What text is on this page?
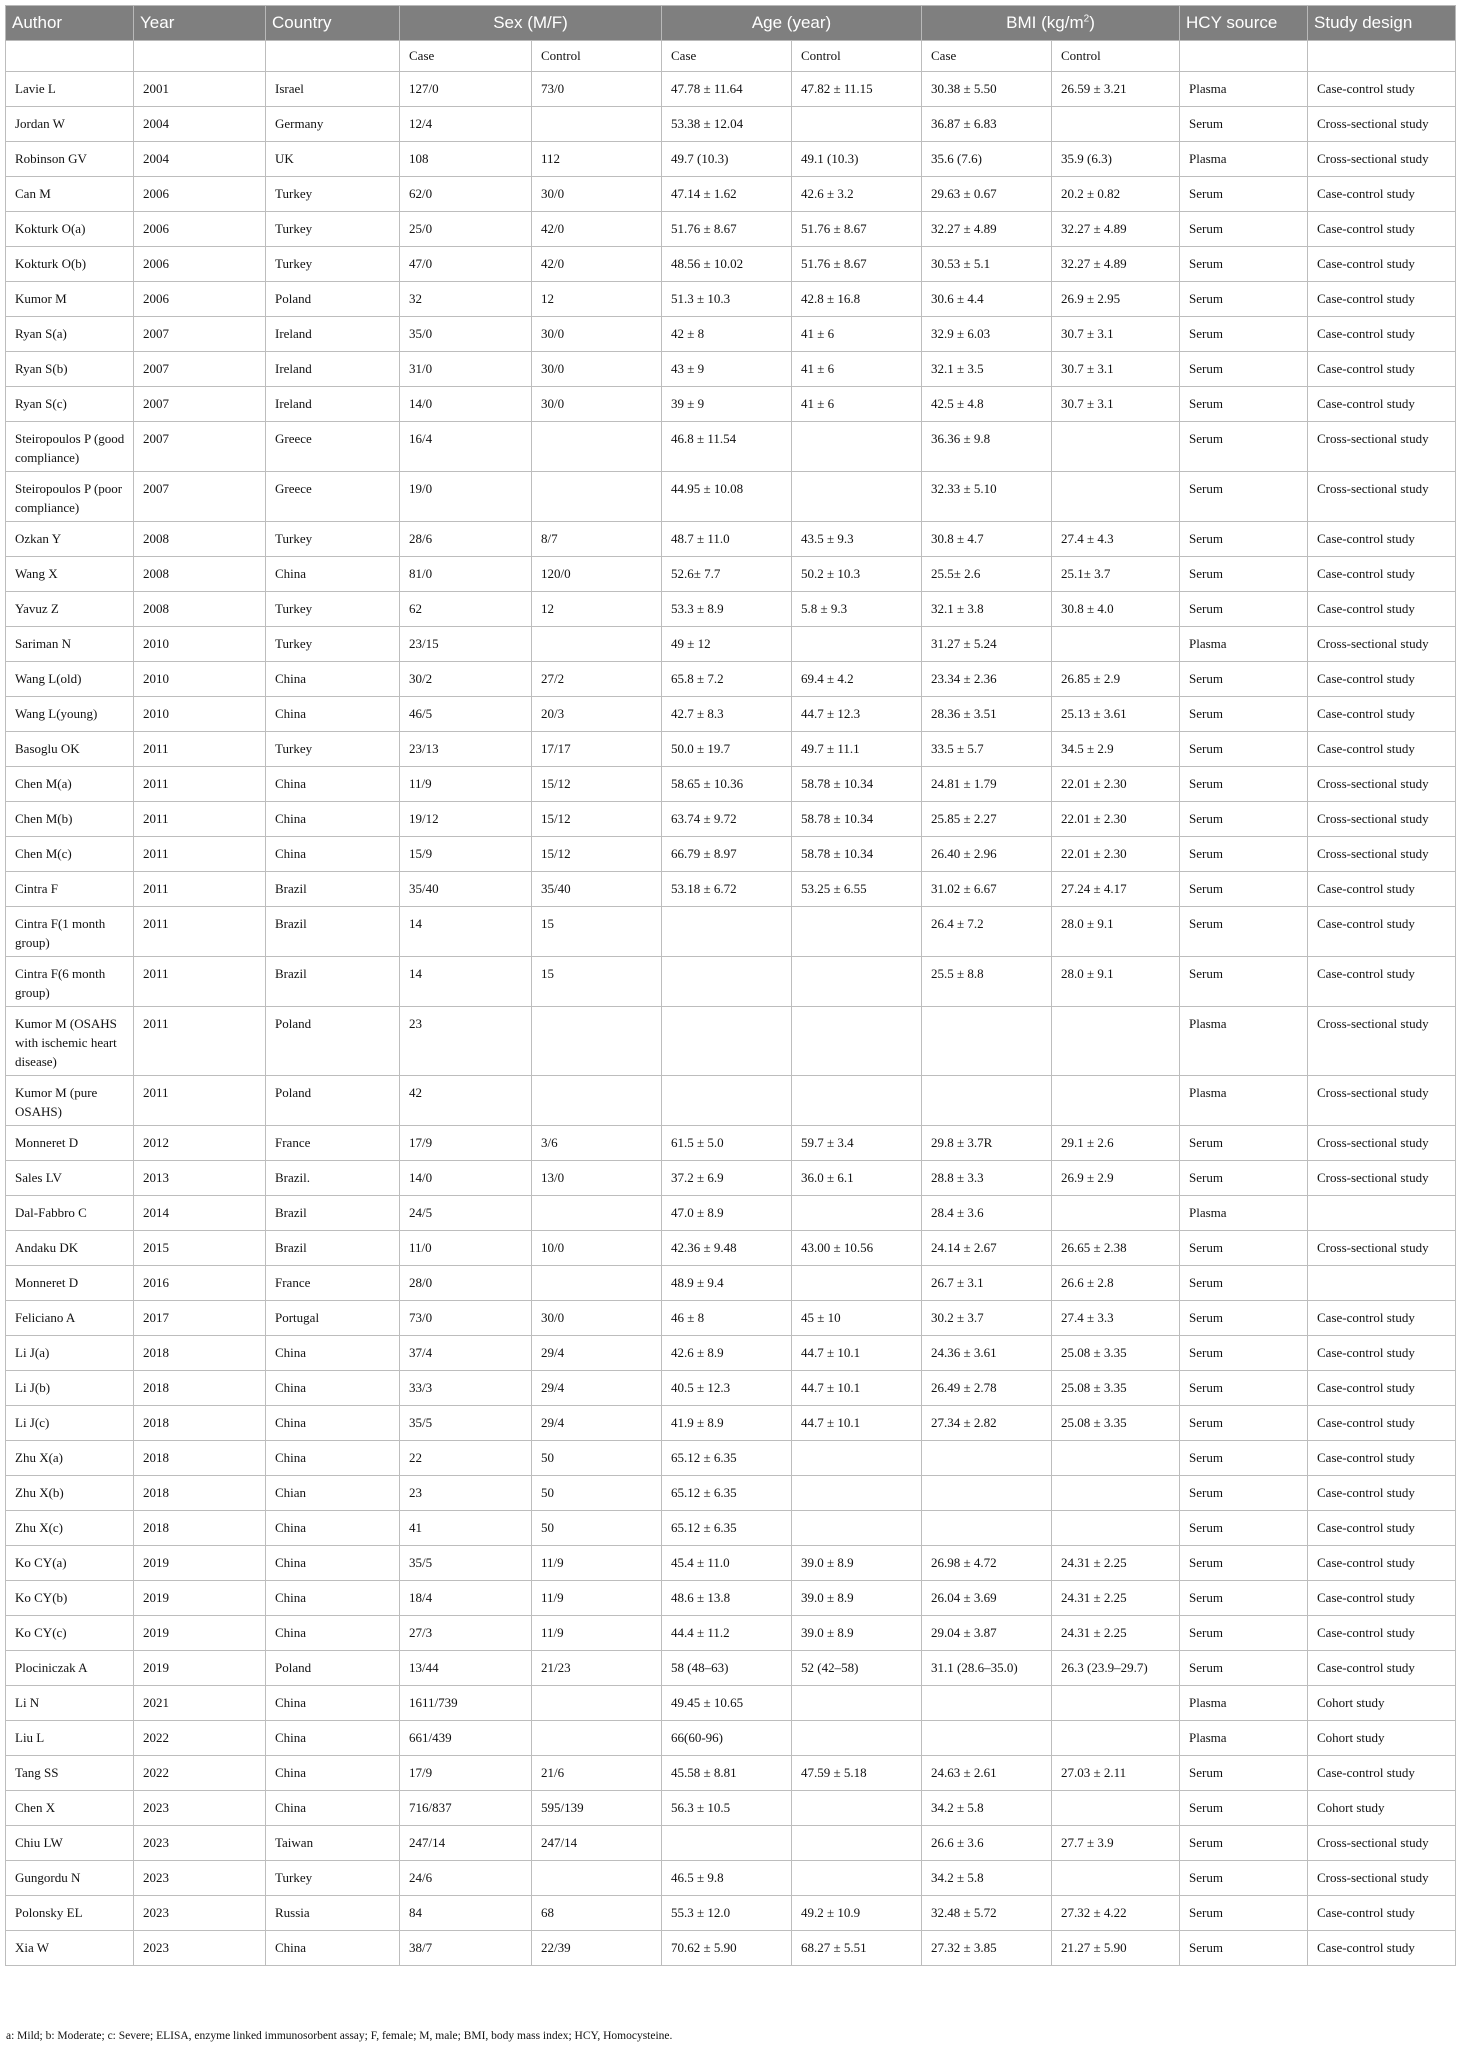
Author	Year	Country	Sex (M/F)		Age (year)		BMI $(kg/m^2)$		HCY source	Study design
			Case	Control	Case	Control	Case	Control		
Lavie L	2001	Israel	127/0	73/0	47.78 ± 11.64	47.82 ± 11.15	30.38 ± 5.50	26.59 ± 3.21	Plasma	Case-control study
Jordan W	2004	Germany	12/4		53.38 ± 12.04		36.87 ± 6.83		Serum	Cross-sectional study
Robinson GV	2004	UK	108	112	49.7 (10.3)	49.1 (10.3)	35.6 (7.6)	35.9 (6.3)	Plasma	Cross-sectional study
Can M	2006	Turkey	62/0	30/0	47.14 ± 1.62	42.6 ± 3.2	29.63 ± 0.67	20.2 ± 0.82	Serum	Case-control study
Kokturk O(a)	2006	Turkey	25/0	42/0	51.76 ± 8.67	51.76 ± 8.67	32.27 ± 4.89	32.27 ± 4.89	Serum	Case-control study
Kokturk O(b)	2006	Turkey	47/0	42/0	48.56 ± 10.02	51.76 ± 8.67	30.53 ± 5.1	32.27 ± 4.89	Serum	Case-control study
Kumor M	2006	Poland	32	12	51.3 ± 10.3	42.8 ± 16.8	30.6 ± 4.4	26.9 ± 2.95	Serum	Case-control study
Ryan S(a)	2007	Ireland	35/0	30/0	42 ± 8	41 ± 6	32.9 ± 6.03	30.7 ± 3.1	Serum	Case-control study
Ryan S(b)	2007	Ireland	31/0	30/0	43 ± 9	41 ± 6	32.1 ± 3.5	30.7 ± 3.1	Serum	Case-control study
Ryan S(c)	2007	Ireland	14/0	30/0	39 ± 9	41 ± 6	42.5 ± 4.8	30.7 ± 3.1	Serum	Case-control study
Steiropoulos P (good compliance)	2007	Greece	16/4		46.8 ± 11.54		36.36 ± 9.8		Serum	Cross-sectional study
Steiropoulos P (poor compliance)	2007	Greece	19/0		44.95 ± 10.08		32.33 ± 5.10		Serum	Cross-sectional study
Ozkan Y	2008	Turkey	28/6	8/7	48.7 ± 11.0	43.5 ± 9.3	30.8 ± 4.7	27.4 ± 4.3	Serum	Case-control study
Wang X	2008	China	81/0	120/0	52.6± 7.7	50.2 ± 10.3	25.5± 2.6	25.1± 3.7	Serum	Case-control study
Yavuz Z	2008	Turkey	62	12	53.3 ± 8.9	5.8 ± 9.3	32.1 ± 3.8	30.8 ± 4.0	Serum	Case-control study
Sariman N	2010	Turkey	23/15		49 ± 12		31.27 ± 5.24		Plasma	Cross-sectional study
Wang L(old)	2010	China	30/2	27/2	65.8 ± 7.2	69.4 ± 4.2	23.34 ± 2.36	26.85 ± 2.9	Serum	Case-control study
Wang L(young)	2010	China	46/5	20/3	42.7 ± 8.3	44.7 ± 12.3	28.36 ± 3.51	25.13 ± 3.61	Serum	Case-control study
Basoglu OK	2011	Turkey	23/13	17/17	50.0 ± 19.7	49.7 ± 11.1	33.5 ± 5.7	34.5 ± 2.9	Serum	Case-control study
Chen M(a)	2011	China	11/9	15/12	58.65 ± 10.36	58.78 ± 10.34	24.81 ± 1.79	22.01 ± 2.30	Serum	Cross-sectional study
Chen M(b)	2011	China	19/12	15/12	63.74 ± 9.72	58.78 ± 10.34	25.85 ± 2.27	22.01 ± 2.30	Serum	Cross-sectional study
Chen M(c)	2011	China	15/9	15/12	66.79 ± 8.97	58.78 ± 10.34	26.40 ± 2.96	22.01 ± 2.30	Serum	Cross-sectional study
Cintra F	2011	Brazil	35/40	35/40	53.18 ± 6.72	53.25 ± 6.55	31.02 ± 6.67	27.24 ± 4.17	Serum	Case-control study
Cintra F(1 month group)	2011	Brazil	14	15			26.4 ± 7.2	28.0 ± 9.1	Serum	Case-control study
Cintra F(6 month group)	2011	Brazil	14	15			25.5 ± 8.8	28.0 ± 9.1	Serum	Case-control study
Kumor M (OSAHS with ischemic heart disease)	2011	Poland	23						Plasma	Cross-sectional study
Kumor M (pure OSAHS)	2011	Poland	42						Plasma	Cross-sectional study
Monneret D	2012	France	17/9	3/6	61.5 ± 5.0	59.7 ± 3.4	29.8 ± 3.7R	29.1 ± 2.6	Serum	Cross-sectional study
Sales LV	2013	Brazil.	14/0	13/0	37.2 ± 6.9	36.0 ± 6.1	28.8 ± 3.3	26.9 ± 2.9	Serum	Cross-sectional study
Dal-Fabbro C	2014	Brazil	24/5		47.0 ± 8.9		28.4 ± 3.6		Plasma	
Andaku DK	2015	Brazil	11/0	10/0	42.36 ± 9.48	43.00 ± 10.56	24.14 ± 2.67	26.65 ± 2.38	Serum	Cross-sectional study
Monneret D	2016	France	28/0		48.9 ± 9.4		26.7 ± 3.1	26.6 ± 2.8	Serum	
Feliciano A	2017	Portugal	73/0	30/0	46 ± 8	45 ± 10	30.2 ± 3.7	27.4 ± 3.3	Serum	Case-control study
Li J(a)	2018	China	37/4	29/4	42.6 ± 8.9	44.7 ± 10.1	24.36 ± 3.61	25.08 ± 3.35	Serum	Case-control study
Li J(b)	2018	China	33/3	29/4	40.5 ± 12.3	44.7 ± 10.1	26.49 ± 2.78	25.08 ± 3.35	Serum	Case-control study
Li J(c)	2018	China	35/5	29/4	41.9 ± 8.9	44.7 ± 10.1	27.34 ± 2.82	25.08 ± 3.35	Serum	Case-control study
Zhu X(a)	2018	China	22	50	65.12 ± 6.35				Serum	Case-control study
Zhu X(b)	2018	Chian	23	50	65.12 ± 6.35				Serum	Case-control study
Zhu X(c)	2018	China	41	50	65.12 ± 6.35				Serum	Case-control study
Ko CY(a)	2019	China	35/5	11/9	45.4 ± 11.0	39.0 ± 8.9	26.98 ± 4.72	24.31 ± 2.25	Serum	Case-control study
Ko CY(b)	2019	China	18/4	11/9	48.6 ± 13.8	39.0 ± 8.9	26.04 ± 3.69	24.31 ± 2.25	Serum	Case-control study
Ko CY(c)	2019	China	27/3	11/9	44.4 ± 11.2	39.0 ± 8.9	29.04 ± 3.87	24.31 ± 2.25	Serum	Case-control study
Plociniczak A	2019	Poland	13/44	21/23	58 (48–63)	52 (42–58)	31.1 (28.6–35.0)	26.3 (23.9–29.7)	Serum	Case-control study
Li N	2021	China	1611/739		49.45 ± 10.65				Plasma	Cohort study
Liu L	2022	China	661/439		66(60-96)				Plasma	Cohort study
Tang SS	2022	China	17/9	21/6	45.58 ± 8.81	47.59 ± 5.18	24.63 ± 2.61	27.03 ± 2.11	Serum	Case-control study
Chen X	2023	China	716/837	595/139	56.3 ± 10.5		34.2 ± 5.8		Serum	Cohort study
Chiu LW	2023	Taiwan	247/14	247/14			26.6 ± 3.6	27.7 ± 3.9	Serum	Cross-sectional study
Gungordu N	2023	Turkey	24/6		46.5 ± 9.8		34.2 ± 5.8		Serum	Cross-sectional study
Polonsky EL	2023	Russia	84	68	55.3 ± 12.0	49.2 ± 10.9	32.48 ± 5.72	27.32 ± 4.22	Serum	Case-control study
Xia W	2023	China	38/7	22/39	70.62 ± 5.90	68.27 ± 5.51	27.32 ± 3.85	21.27 ± 5.90	Serum	Case-control study
a: Mild; b: Moderate; c: Severe; ELISA, enzyme linked immunosorbent assay; F, female; M, male; BMI, body mass index; HCY, Homocysteine.
